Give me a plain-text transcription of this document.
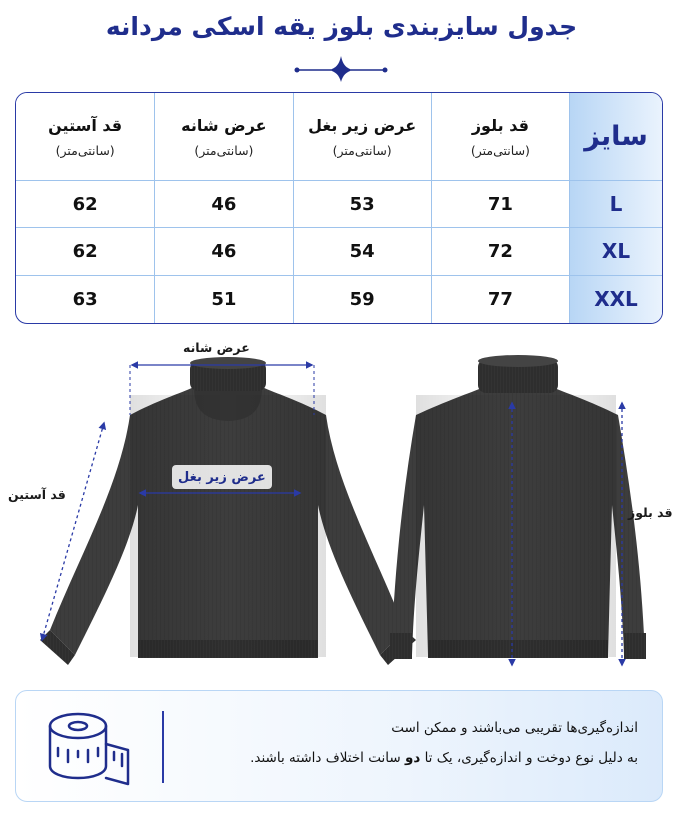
جدول سایزبندی بلوز یقه اسکی مردانه
سایز
قد بلوز
(سانتی‌متر)
عرض زیر بغل
(سانتی‌متر)
عرض شانه
(سانتی‌متر)
قد آستین
(سانتی‌متر)
L
71
53
46
62
XL
72
54
46
62
XXL
77
59
51
63
عرض شانه
عرض زیر بغل
قد آستین
قد بلوز
اندازه‌گیری‌ها تقریبی می‌باشند و ممکن است
به دلیل نوع دوخت و اندازه‌گیری، یک تا دو سانت اختلاف داشته باشند.
